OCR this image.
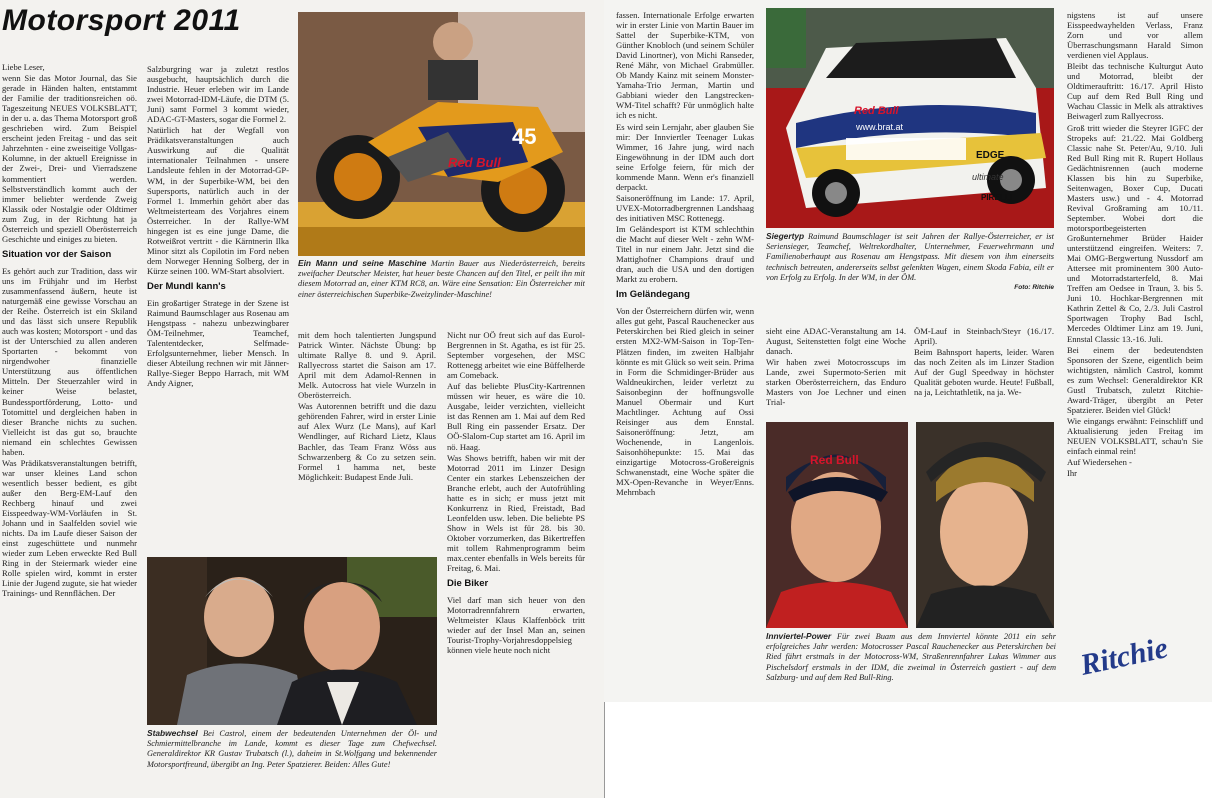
Motorsport 2011

Liebe Leser,

wenn Sie das Motor Journal, das Sie gerade in Händen halten, entstammt der Familie der traditionsreichen oö. Tageszeitung NEUES VOLKSBLATT, in der u. a. das Thema Motorsport groß geschrieben wird. Zum Beispiel erscheint jeden Freitag - und das seit Jahrzehnten - eine zweiseitige Vollgas-Kolumne, in der aktuell Ereignisse in der Zwei-, Drei- und Vierradszene kommentiert werden. Selbstverständlich kommt auch der immer beliebter werdende Zweig Klassik oder Nostalgie oder Oldtimer zum Zug, in der Richtung hat ja Österreich und speziell Oberösterreich Geschichte und einiges zu bieten.

Situation vor der Saison

Es gehört auch zur Tradition, dass wir uns im Frühjahr und im Herbst zusammenfassend äußern, heute ist naturgemäß eine gewisse Vorschau an der Reihe. Österreich ist ein Skiland und das lässt sich unsere Republik auch was kosten; Motorsport - und das ist der Unterschied zu allen anderen Sportarten - bekommt von nirgendwoher finanzielle Unterstützung aus öffentlichen Mitteln. Der Steuerzahler wird in keiner Weise belastet, Bundessportförderung, Lotto- und Totomittel und dergleichen haben in dieser Branche nichts zu suchen. Vielleicht ist das gut so, brauchte niemand ein schlechtes Gewissen haben.

Was Prädikatsveranstaltungen betrifft, war unser kleines Land schon wesentlich besser bedient, es gibt außer den Berg-EM-Lauf den Rechberg hinauf und zwei Eisspeedway-WM-Vorläufen in St. Johann und in Saalfelden soviel wie nichts. Da im Laufe dieser Saison der einst zugeschüttete und nunmehr wieder zum Leben erweckte Red Bull Ring in der Steiermark wieder eine Rolle spielen wird, kommt in erster Linie der Jugend zugute, sie hat wieder Trainings- und Rennflächen. Der

Salzburgring war ja zuletzt restlos ausgebucht, hauptsächlich durch die Industrie. Heuer erleben wir im Lande zwei Motorrad-IDM-Läufe, die DTM (5. Juni) samt Formel 3 kommt wieder, ADAC-GT-Masters, sogar die Formel 2.

Natürlich hat der Wegfall von Prädikatsveranstaltungen auch Auswirkung auf die Qualität internationaler Teilnahmen - unsere Landsleute fehlen in der Motorrad-GP-WM, in der Superbike-WM, bei den Supersports, natürlich auch in der Formel 1. Immerhin gehört aber das Weltmeisterteam des Vorjahres einem Österreicher. In der Rallye-WM hingegen ist es eine junge Dame, die Rotweißrot vertritt - die Kärntnerin Ilka Minor sitzt als Copilotin im Ford neben dem Norweger Henning Solberg, der in Kürze seinen 100. WM-Start absolviert.

Der Mundl kann's

Ein großartiger Stratege in der Szene ist Raimund Baumschlager aus Rosenau am Hengstpass - nahezu unbezwingbarer ÖM-Teilnehmer, Teamchef, Talententdecker, Selfmade-Erfolgsunternehmer, lieber Mensch. In dieser Abteilung rechnen wir mit Jänner-Rallye-Sieger Beppo Harrach, mit WM Andy Aigner,

45
Red Bull
Ein Mann und seine Maschine Martin Bauer aus Niederösterreich, bereits zweifacher Deutscher Meister, hat heuer beste Chancen auf den Titel, er peilt ihn mit diesem Motorrad an, einer KTM RC8, an. Wäre eine Sensation: Ein Österreicher mit einer österreichischen Superbike-Zweizylinder-Maschine!

mit dem hoch talentierten Jungspund Patrick Winter. Nächste Übung: bp ultimate Rallye 8. und 9. April. Rallyecross startet die Saison am 17. April mit dem Adamol-Rennen in Melk. Autocross hat viele Wurzeln in Oberösterreich.

Was Autorennen betrifft und die dazu gehörenden Fahrer, wird in erster Linie auf Alex Wurz (Le Mans), auf Karl Wendlinger, auf Richard Lietz, Klaus Bachler, das Team Franz Wöss aus Schwarzenberg & Co zu setzen sein. Formel 1 hamma net, beste Möglichkeit: Budapest Ende Juli.

Nicht nur OÖ freut sich auf das Eurol-Bergrennen in St. Agatha, es ist für 25. September vorgesehen, der MSC Rottenegg arbeitet wie eine Büffelherde am Comeback.

Auf das beliebte PlusCity-Kartrennen müssen wir heuer, es wäre die 10. Ausgabe, leider verzichten, vielleicht ist das Rennen am 1. Mai auf dem Red Bull Ring ein passender Ersatz. Der OÖ-Slalom-Cup startet am 16. April im nö. Haag.

Was Shows betrifft, haben wir mit der Motorrad 2011 im Linzer Design Center ein starkes Lebenszeichen der Branche erlebt, auch der Autofrühling hatte es in sich; er muss jetzt mit Konkurrenz in Ried, Freistadt, Bad Leonfelden usw. leben. Die beliebte PS Show in Wels ist für 28. bis 30. Oktober vorzumerken, das Bikertreffen mit tollem Rahmenprogramm beim max.center ebenfalls in Wels bereits für Freitag, 6. Mai.

Die Biker

Viel darf man sich heuer von den Motorradrennfahrern erwarten, Weltmeister Klaus Klaffenböck tritt wieder auf der Insel Man an, seinen Tourist-Trophy-Vorjahresdoppelsieg können viele heute noch nicht

Stabwechsel Bei Castrol, einem der bedeutenden Unternehmen der Öl- und Schmiermittelbranche im Lande, kommt es dieser Tage zum Chefwechsel. Generaldirektor KR Gustav Trubatsch (l.), daheim in St.Wolfgang und bekennender Motorsportfreund, übergibt an Ing. Peter Spatzierer. Beiden: Alles Gute!

fassen. Internationale Erfolge erwarten wir in erster Linie von Martin Bauer im Sattel der Superbike-KTM, von Günther Knobloch (und seinem Schüler David Linortner), von Michi Ranseder, René Mähr, von Michael Grabmüller. Ob Mandy Kainz mit seinem Monster-Yamaha-Trio Jerman, Martin und Gabbiani wieder den Langstrecken-WM-Titel schafft? Für unmöglich halte ich es nicht.

Es wird sein Lernjahr, aber glauben Sie mir: Der Innviertler Teenager Lukas Wimmer, 16 Jahre jung, wird nach Eingewöhnung in der IDM auch dort seine Erfolge feiern, für mich der kommende Mann. Wenn er's finanziell derpackt.

Saisoneröffnung im Lande: 17. April, UVEX-Motorradbergrennen Landshaag des initiativen MSC Rottenegg.

Im Geländesport ist KTM schlechthin die Macht auf dieser Welt - zehn WM-Titel in nur einem Jahr. Jetzt sind die Mattighofner Champions drauf und dran, auch die USA und den dortigen Markt zu erobern.

Im Geländegang

Von der Österreichern dürfen wir, wenn alles gut geht, Pascal Rauchenecker aus Peterskirchen bei Ried gleich in seiner ersten MX2-WM-Saison in Top-Ten-Plätzen finden, im zweiten Halbjahr könnte es mit Glück so weit sein. Prima in Form die Schmidinger-Brüder aus Waldneukirchen, leider verletzt zu Saisonbeginn der hoffnungsvolle Manuel Obermair und Kurt Machtlinger. Achtung auf Ossi Reisinger aus dem Ennstal. Saisoneröffnung: Jetzt, am Wochenende, in Langenlois. Saisonhöhepunkte: 15. Mai das einzigartige Motocross-Großereignis Schwanenstadt, eine Woche später die MX-Open-Revanche in Weyer/Enns. Mehrnbach

Red Bull
www.brat.at
EDGE
ultimate
PIRELLI
Siegertyp Raimund Baumschlager ist seit Jahren der Rallye-Österreicher, er ist Seriensieger, Teamchef, Weltrekordhalter, Unternehmer, Feuerwehrmann und Familienoberhaupt aus Rosenau am Hengstpass. Mit diesem von ihm einerseits technisch betreuten, andererseits selbst gelenkten Wagen, einem Skoda Fabia, eilt er von Erfolg zu Erfolg. In der WM, in der ÖM.
Foto: Ritchie

sieht eine ADAC-Veranstaltung am 14. August, Seitenstetten folgt eine Woche danach.

Wir haben zwei Motocrosscups im Lande, zwei Supermoto-Serien mit starken Oberösterreichern, das Enduro Masters von Joe Lechner und einen Trial-

ÖM-Lauf in Steinbach/Steyr (16./17. April).

Beim Bahnsport haperts, leider. Waren das noch Zeiten als im Linzer Stadion Auf der Gugl Speedway in höchster Qualität geboten wurde. Heute! Fußball, na ja, Leichtathletik, na ja. We-

Red Bull
Innviertel-Power Für zwei Buam aus dem Innviertel könnte 2011 ein sehr erfolgreiches Jahr werden: Motocrosser Pascal Rauchenecker aus Peterskirchen bei Ried fährt erstmals in der Motocross-WM, Straßenrennfahrer Lukas Wimmer aus Pischelsdorf erstmals in der IDM, die zweimal in Österreich gastiert - auf dem Salzburg- und auf dem Red Bull-Ring.

nigstens ist auf unsere Eisspeedwayhelden Verlass, Franz Zorn und vor allem Überraschungsmann Harald Simon verdienen viel Applaus.

Bleibt das technische Kulturgut Auto und Motorrad, bleibt der Oldtimerauftritt: 16./17. April Histo Cup auf dem Red Bull Ring und Wachau Classic in Melk als attraktives Beiwagerl zum Rallyecross.

Groß tritt wieder die Steyrer IGFC der Stropeks auf: 21./22. Mai Goldberg Classic nahe St. Peter/Au, 9./10. Juli Red Bull Ring mit R. Rupert Hollaus Gedächtnisrennen (auch moderne Klassen bis hin zu Superbike, Seitenwagen, Boxer Cup, Ducati Masters usw.) und - 4. Motorrad Revival Großraming am 10./11. September. Wobei dort die motorsportbegeisterten Großunternehmer Brüder Haider unterstützend eingreifen. Weiters: 7. Mai OMG-Bergwertung Nussdorf am Attersee mit prominentem 300 Auto- und Motorradstarterfeld, 8. Mai Treffen am Oedsee in Traun, 3. bis 5. Juni 10. Hochkar-Bergrennen mit Kathrin Zettel & Co, 2./3. Juli Castrol Sportwagen Trophy Bad Ischl, Mercedes Oldtimer Linz am 19. Juni, Ennstal Classic 13.-16. Juli.

Bei einem der bedeutendsten Sponsoren der Szene, eigentlich beim wichtigsten, nämlich Castrol, kommt es zum Wechsel: Generaldirektor KR Gustl Trubatsch, zuletzt Ritchie-Award-Träger, übergibt an Peter Spatzierer. Beiden viel Glück!

Wie eingangs erwähnt: Feinschliff und Aktualisierung jeden Freitag im NEUEN VOLKSBLATT, schau'n Sie einfach einmal rein!

Auf Wiedersehen -

Ihr

Ritchie
